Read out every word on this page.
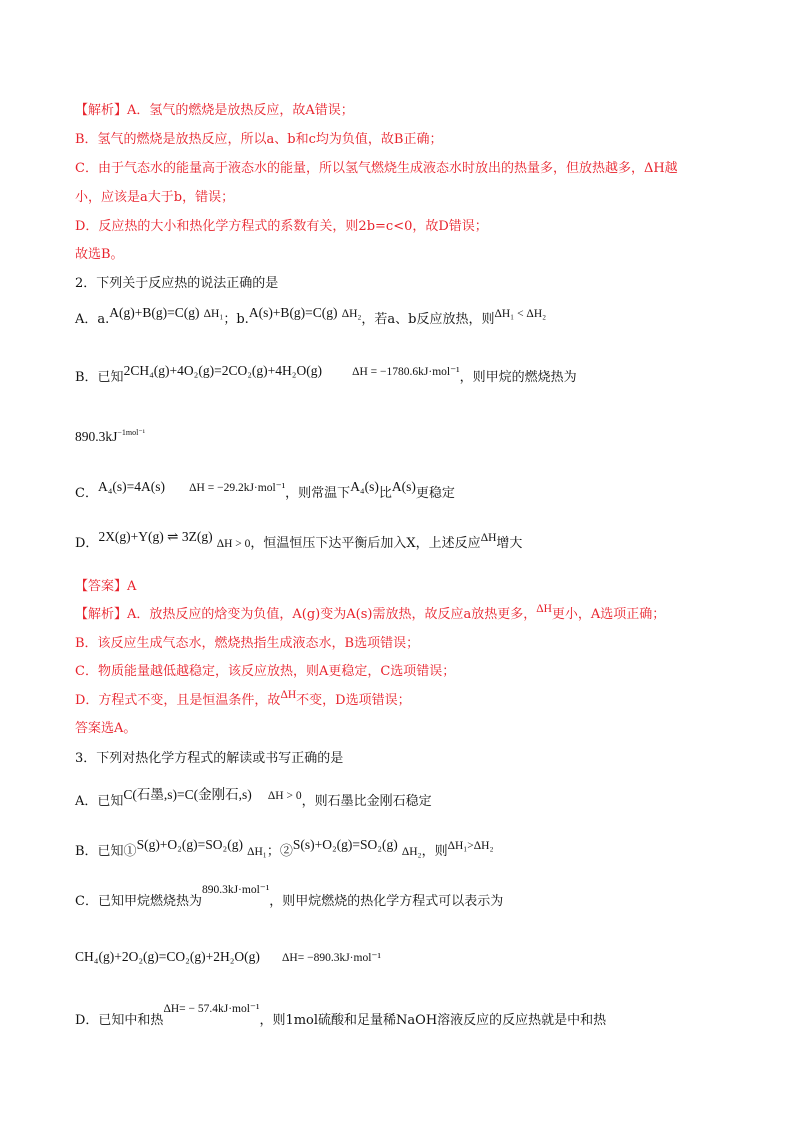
【解析】A．氢气的燃烧是放热反应，故A错误；
B．氢气的燃烧是放热反应，所以a、b和c均为负值，故B正确；
C．由于气态水的能量高于液态水的能量，所以氢气燃烧生成液态水时放出的热量多，但放热越多，ΔH越
小，应该是a大于b，错误；
D．反应热的大小和热化学方程式的系数有关，则2b=c<0，故D错误；
故选B。
2．下列关于反应热的说法正确的是
A．a.A(g)+B(g)=C(g) ΔH₁；b.A(s)+B(g)=C(g) ΔH₂，若a、b反应放热，则ΔH₁ < ΔH₂
B．已知2CH₄(g)+4O₂(g)=2CO₂(g)+4H₂O(g)	ΔH = −1780.6kJ·mol⁻¹，则甲烷的燃烧热为
$890.3kJ^{-1mol^{-1}}$
C．A₄(s)=4A(s) ΔH = −29.2kJ·mol⁻¹，则常温下A₄(s)比A(s)更稳定
D．2X(g)+Y(g) ⇌ 3Z(g) ΔH > 0，恒温恒压下达平衡后加入X，上述反应ΔH增大
【答案】A
【解析】A．放热反应的焓变为负值，A(g)变为A(s)需放热，故反应a放热更多，ΔH更小，A选项正确；
B．该反应生成气态水，燃烧热指生成液态水，B选项错误；
C．物质能量越低越稳定，该反应放热，则A更稳定，C选项错误；
D．方程式不变，且是恒温条件，故ΔH不变，D选项错误；
答案选A。
3．下列对热化学方程式的解读或书写正确的是
A．已知C(石墨,s)=C(金刚石,s) ΔH > 0，则石墨比金刚石稳定
B．已知①S(g)+O₂(g)=SO₂(g) ΔH₁；②S(s)+O₂(g)=SO₂(g) ΔH₂，则ΔH₁>ΔH₂
C．已知甲烷燃烧热为890.3kJ·mol⁻¹，则甲烷燃烧的热化学方程式可以表示为
CH₄(g)+2O₂(g)=CO₂(g)+2H₂O(g) ΔH= −890.3kJ·mol⁻¹
D．已知中和热ΔH= − 57.4kJ·mol⁻¹，则1mol硫酸和足量稀NaOH溶液反应的反应热就是中和热
